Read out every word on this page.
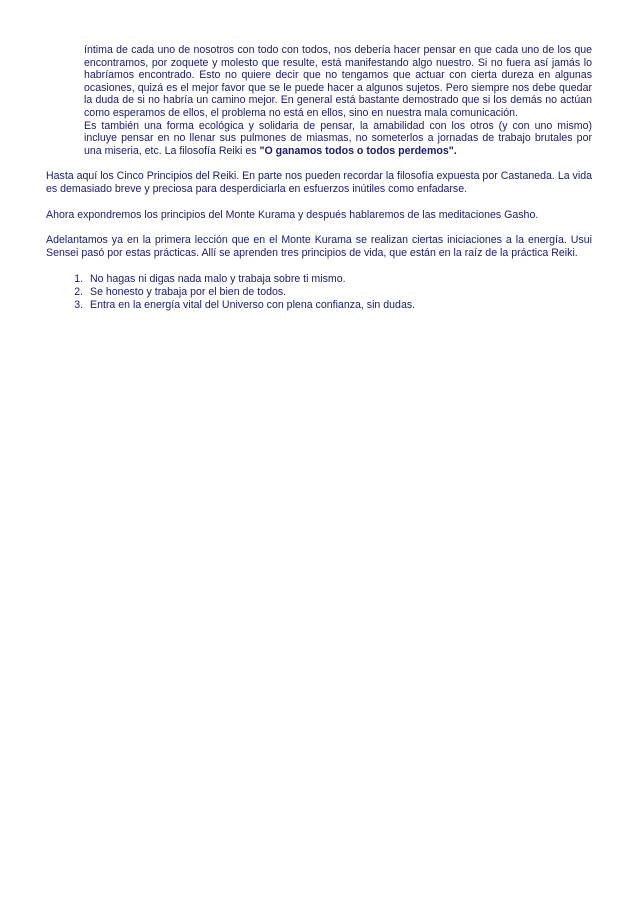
íntima de cada uno de nosotros con todo con todos, nos debería hacer pensar en que cada uno de los que encontramos, por zoquete y molesto que resulte, está manifestando algo nuestro. Si no fuera así jamás lo habríamos encontrado. Esto no quiere decir que no tengamos que actuar con cierta dureza en algunas ocasiones, quizá es el mejor favor que se le puede hacer a algunos sujetos. Pero siempre nos debe quedar la duda de si no habría un camino mejor. En general está bastante demostrado que si los demás no actúan como esperamos de ellos, el problema no está en ellos, sino en nuestra mala comunicación.

Es también una forma ecológica y solidaria de pensar, la amabilidad con los otros (y con uno mismo) incluye pensar en no llenar sus pulmones de miasmas, no someterlos a jornadas de trabajo brutales por una miseria, etc. La filosofía Reiki es "O ganamos todos o todos perdemos".

Hasta aquí los Cinco Principios del Reiki. En parte nos pueden recordar la filosofía expuesta por Castaneda. La vida es demasiado breve y preciosa para desperdiciarla en esfuerzos inútiles como enfadarse.

Ahora expondremos los principios del Monte Kurama y después hablaremos de las meditaciones Gasho.

Adelantamos ya en la primera lección que en el Monte Kurama se realizan ciertas iniciaciones a la energía. Usui Sensei pasó por estas prácticas. Allí se aprenden tres principios de vida, que están en la raíz de la práctica Reiki.

1. No hagas ni digas nada malo y trabaja sobre ti mismo.
2. Se honesto y trabaja por el bien de todos.
3. Entra en la energía vital del Universo con plena confianza, sin dudas.
